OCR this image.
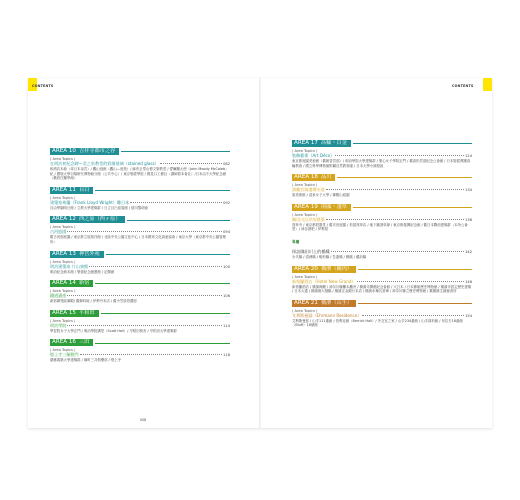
CONTENTS	CONTENTS
AREA 10 吉祥寺都市之谷
( Area Topics )
在明治初紀念碑—美之泉教堂的彩繪玻璃（stained glass）	082
和酒店本館（帝日本皇宮）/ 觀山庭館（觀山—庭苑）/ 麻布正堂山藝文聖教堂 / 愛爾蘭大使（John Moody McCaleb）紀 / 國境大學羽翔研究博物館分館（公共中心）/ 東京聖經學院 / 國見口工藝社（講師寫本會社）/日本由不大學紀念館（舊府庄蘭學館）
AREA 11 目白
( Area Topics )
建築家弗蘭（Frank Lloyd Wright）雕日本	092
自由學園明日館 / 立教大學建築群 / 日立目白迎賓館 / 德川黎明會
AREA 12 西之原（西ヶ原）
( Area Topics )
古河庭園	094
舊古河邸庭園 / 東京都立原宿洋館 / 北區中央公園文化中心 / 日本國家文化資產協會 / 東京大學（東京都中央公園管理所）
AREA 13 神宮外苑
( Area Topics )
明治建築家 片山東熊	100
明治紀念館本館 / 聖德紀念繪畫館 / 記錄館
AREA 14 新宿
( Area Topics )
鐵道遺產	106
新宿御苑區御殿/ 舊御料地 / 伊勢丹本店 / 舊小笠原伯爵邸
AREA 15 平和田
( Area Topics )
明治學院	114
學習院女子大學正門 / 明治學院講堂（Scott Hall）/ 早稻田校舍 / 早稻田大學建築群
AREA 16 三田
( Area Topics )
燈上寺三解脫門	118
慶應義塾大學建築群 / 綱町三井俱樂部 / 燈上寺
AREA 17 高輪・白金
( Area Topics )
裝飾藝術（Art Déco）	124
東京都庭園美術館（舊朝香宮邸）/ 明治學院大學建築群 / 聖心女子學院正門 / 舊高松宮邸紀念公會館 / 日本聖經教團高輪教會 / 國立科學博物館附屬自然教育園 / 日本大學小濱校區
AREA 18 品川
( Area Topics )
濱離宮與港灣水道	134
原美術館 / 清泉女子大學 / 御殿山庭園
AREA 19 兩國・淺草
( Area Topics )
隅田川沿岸的建築	136
淺草寺 / 東京都慰靈堂 / 舊安田庭園 / 松屋淺草店 / 地下鐵淺草線 / 東京都復興紀念館 / 舊日本戰前建築群（本所公會堂）/ 神谷酒吧 / 伊勢屋
專欄
探訪隅田川上的橋樑	142
永代橋 / 清洲橋 / 駒形橋 / 吾妻橋 / 厩橋 / 藏前橋
AREA 20 橫濱（關內）
( Area Topics )
新格蘭酒店（Hotel New Grand）	146
新格蘭酒店 / 橫濱海關 / 神奈川縣廳本廳舍 / 橫濱市開港紀念會館 / 大日本 / 日本郵船歷史博物館 / 橫濱市認定歷史建築 / 日本大通 / 橫濱港大棧橋 / 橫濱正金銀行本店 / 橫濱赤煉瓦倉庫 / 神奈川縣立歷史博物館 / 舊橫濱生絲檢查所
AREA 21 橫濱（山手）
( Area Topics )
艾利斯曼邸（Ehrmann Residence）	154
艾利斯曼邸 / 山手111番館 / 伯利克館（Berrick Hall）/ 外交官之家 / 山手234番館 / 山手資料館 / 布拉夫18番館（Bluff）18號館
008
